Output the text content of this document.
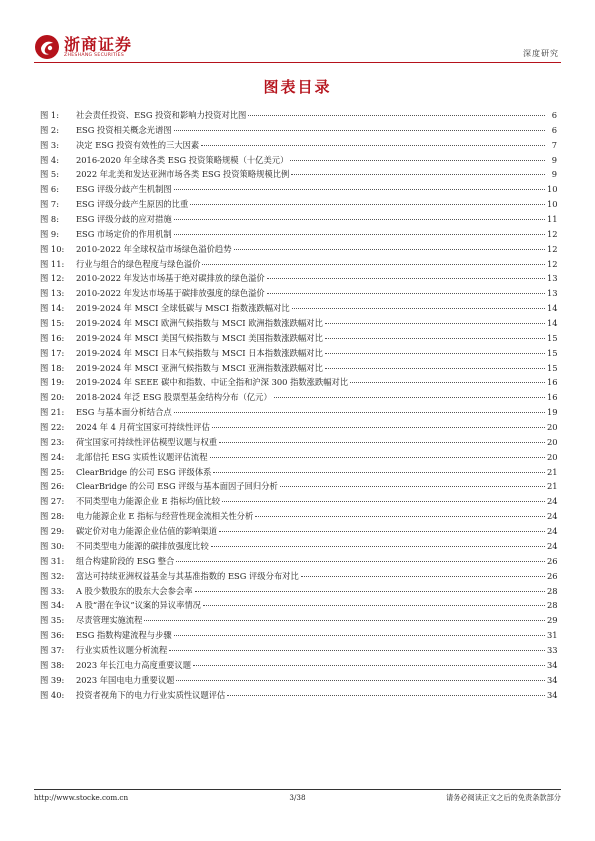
浙商证券
ZHESHANG SECURITIES	深度研究
图表目录
图 1:	社会责任投资、ESG 投资和影响力投资对比图	6
图 2:	ESG 投资相关概念光谱图	6
图 3:	决定 ESG 投资有效性的三大因素	7
图 4:	2016-2020 年全球各类 ESG 投资策略规模（十亿美元）	9
图 5:	2022 年北美和发达亚洲市场各类 ESG 投资策略规模比例	9
图 6:	ESG 评级分歧产生机制图	10
图 7:	ESG 评级分歧产生原因的比重	10
图 8:	ESG 评级分歧的应对措施	11
图 9:	ESG 市场定价的作用机制	12
图 10:	2010-2022 年全球权益市场绿色溢价趋势	12
图 11:	行业与组合的绿色程度与绿色溢价	12
图 12:	2010-2022 年发达市场基于绝对碳排放的绿色溢价	13
图 13:	2010-2022 年发达市场基于碳排放强度的绿色溢价	13
图 14:	2019-2024 年 MSCI 全球低碳与 MSCI 指数涨跌幅对比	14
图 15:	2019-2024 年 MSCI 欧洲气候指数与 MSCI 欧洲指数涨跌幅对比	14
图 16:	2019-2024 年 MSCI 美国气候指数与 MSCI 美国指数涨跌幅对比	15
图 17:	2019-2024 年 MSCI 日本气候指数与 MSCI 日本指数涨跌幅对比	15
图 18:	2019-2024 年 MSCI 亚洲气候指数与 MSCI 亚洲指数涨跌幅对比	15
图 19:	2019-2024 年 SEEE 碳中和指数、中证全指和沪深 300 指数涨跌幅对比	16
图 20:	2018-2024 年泛 ESG 股票型基金结构分布（亿元）	16
图 21:	ESG 与基本面分析结合点	19
图 22:	2024 年 4 月荷宝国家可持续性评估	20
图 23:	荷宝国家可持续性评估模型议题与权重	20
图 24:	北部信托 ESG 实质性议题评估流程	20
图 25:	ClearBridge 的公司 ESG 评级体系	21
图 26:	ClearBridge 的公司 ESG 评级与基本面因子回归分析	21
图 27:	不同类型电力能源企业 E 指标均值比较	24
图 28:	电力能源企业 E 指标与经营性现金流相关性分析	24
图 29:	碳定价对电力能源企业估值的影响渠道	24
图 30:	不同类型电力能源的碳排放强度比较	24
图 31:	组合构建阶段的 ESG 整合	26
图 32:	富达可持续亚洲权益基金与其基准指数的 ESG 评级分布对比	26
图 33:	A 股少数股东的股东大会参会率	28
图 34:	A 股“潜在争议”议案的异议率情况	28
图 35:	尽责管理实施流程	29
图 36:	ESG 指数构建流程与步骤	31
图 37:	行业实质性议题分析流程	33
图 38:	2023 年长江电力高度重要议题	34
图 39:	2023 年国电电力重要议题	34
图 40:	投资者视角下的电力行业实质性议题评估	34
http://www.stocke.com.cn	3/38	请务必阅读正文之后的免责条款部分
